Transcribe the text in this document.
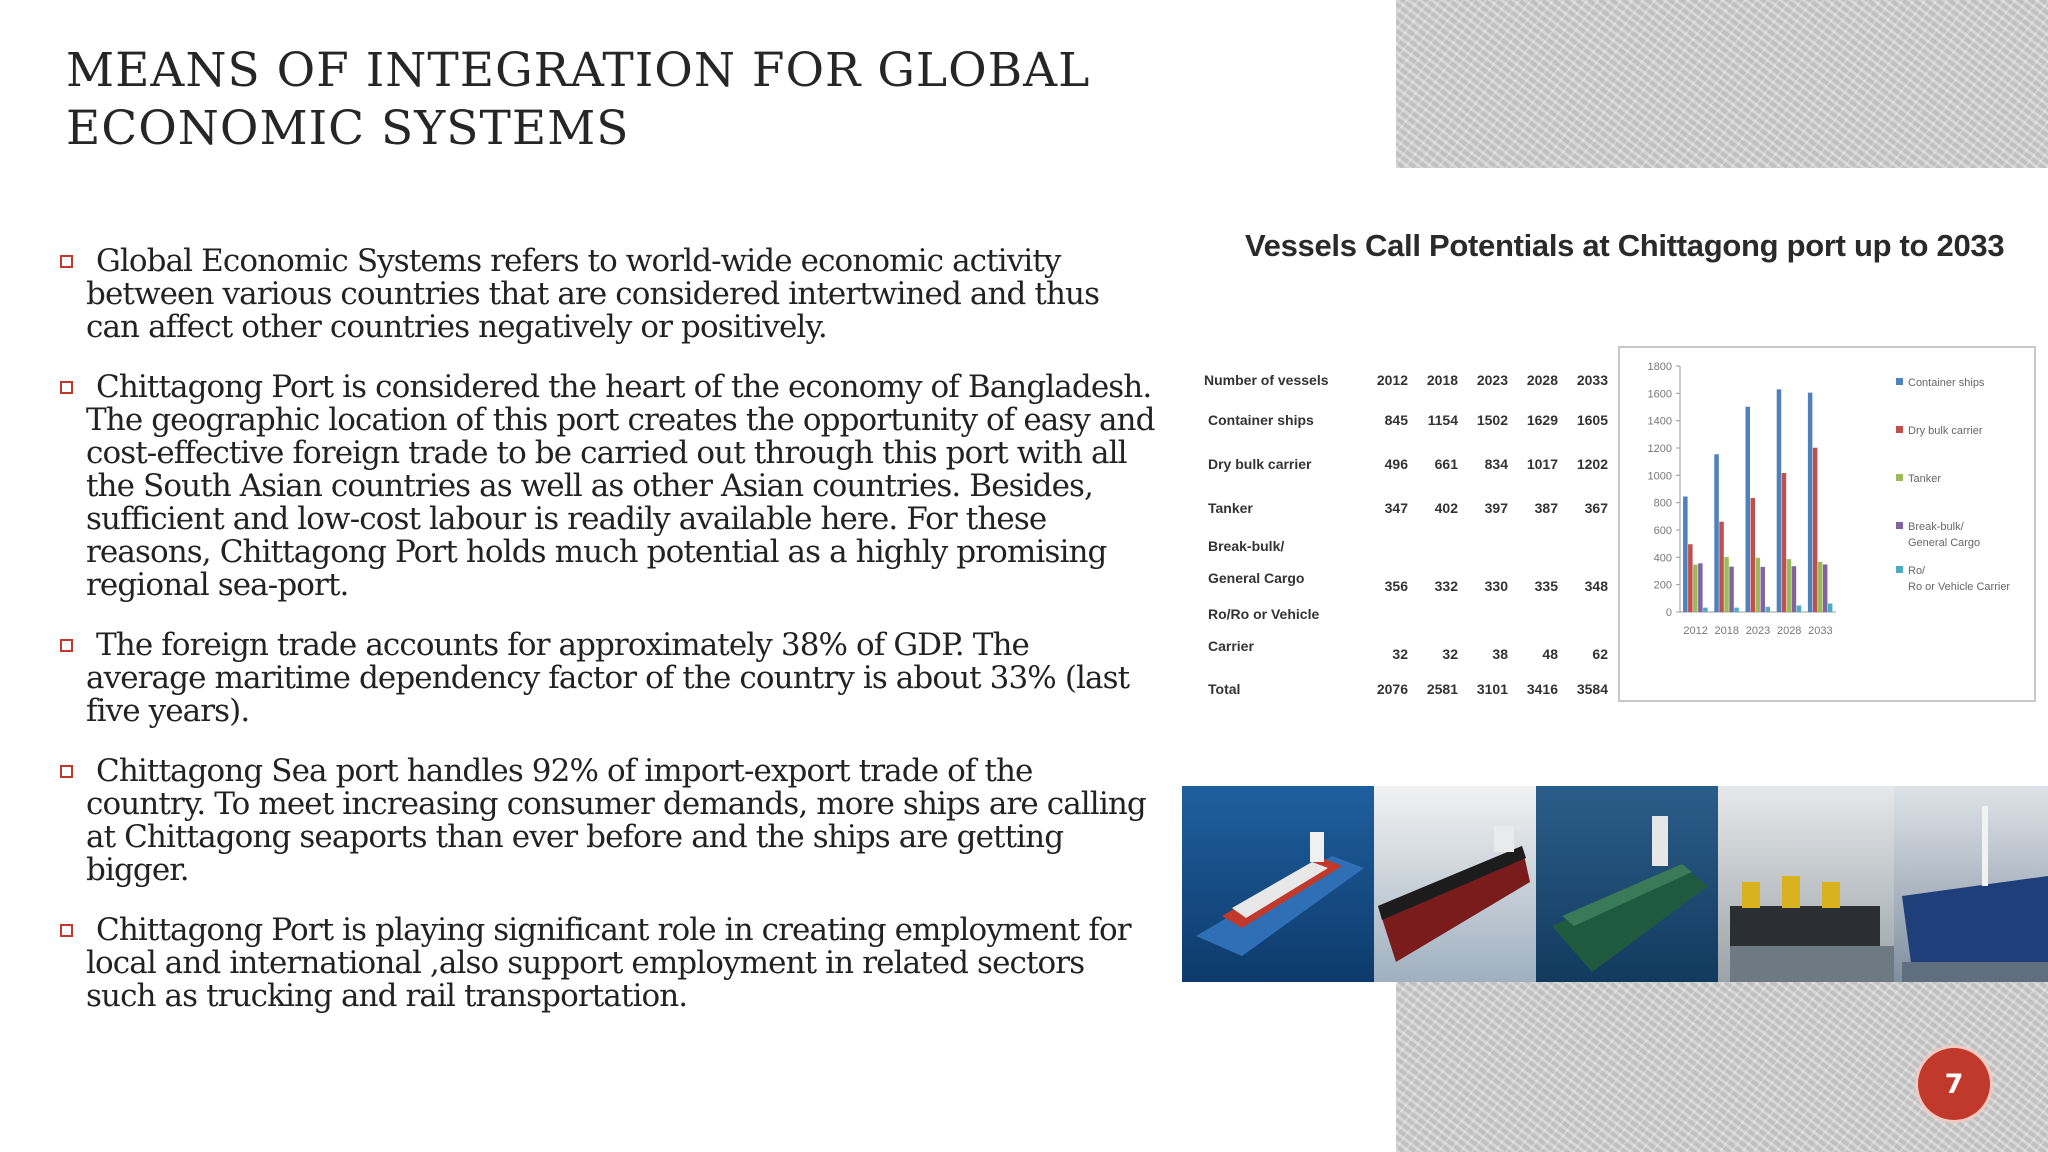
MEANS OF INTEGRATION FOR GLOBAL
ECONOMIC SYSTEMS
Global Economic Systems refers to world-wide economic activity between various countries that are considered intertwined and thus can affect other countries negatively or positively.
Chittagong Port is considered the heart of the economy of Bangladesh. The geographic location of this port creates the opportunity of easy and cost-effective foreign trade to be carried out through this port with all the South Asian countries as well as other Asian countries. Besides, sufficient and low-cost labour is readily available here. For these reasons, Chittagong Port holds much potential as a highly promising regional sea-port.
The foreign trade accounts for approximately 38% of GDP. The average maritime dependency factor of the country is about 33% (last five years).
Chittagong Sea port handles 92% of import-export trade of the country. To meet increasing consumer demands, more ships are calling at Chittagong seaports than ever before and the ships are getting bigger.
Chittagong Port is playing significant role in creating employment for local and international ,also support employment in related sectors such as trucking and rail transportation.
Vessels Call Potentials at Chittagong port up to 2033
Number of vessels	2012	2018	2023	2028	2033
Container ships	845	1154	1502	1629	1605
Dry bulk carrier	496	661	834	1017	1202
Tanker	347	402	397	387	367
Break-bulk/
General Cargo	356	332	330	335	348
Ro/Ro or Vehicle
Carrier	32	32	38	48	62
Total	2076	2581	3101	3416	3584
0
200
400
600
800
1000
1200
1400
1600
1800
2012 2018 2023 2028 2033
Container ships
Dry bulk carrier
Tanker
Break-bulk/
General Cargo
Ro/
Ro or Vehicle Carrier
7
